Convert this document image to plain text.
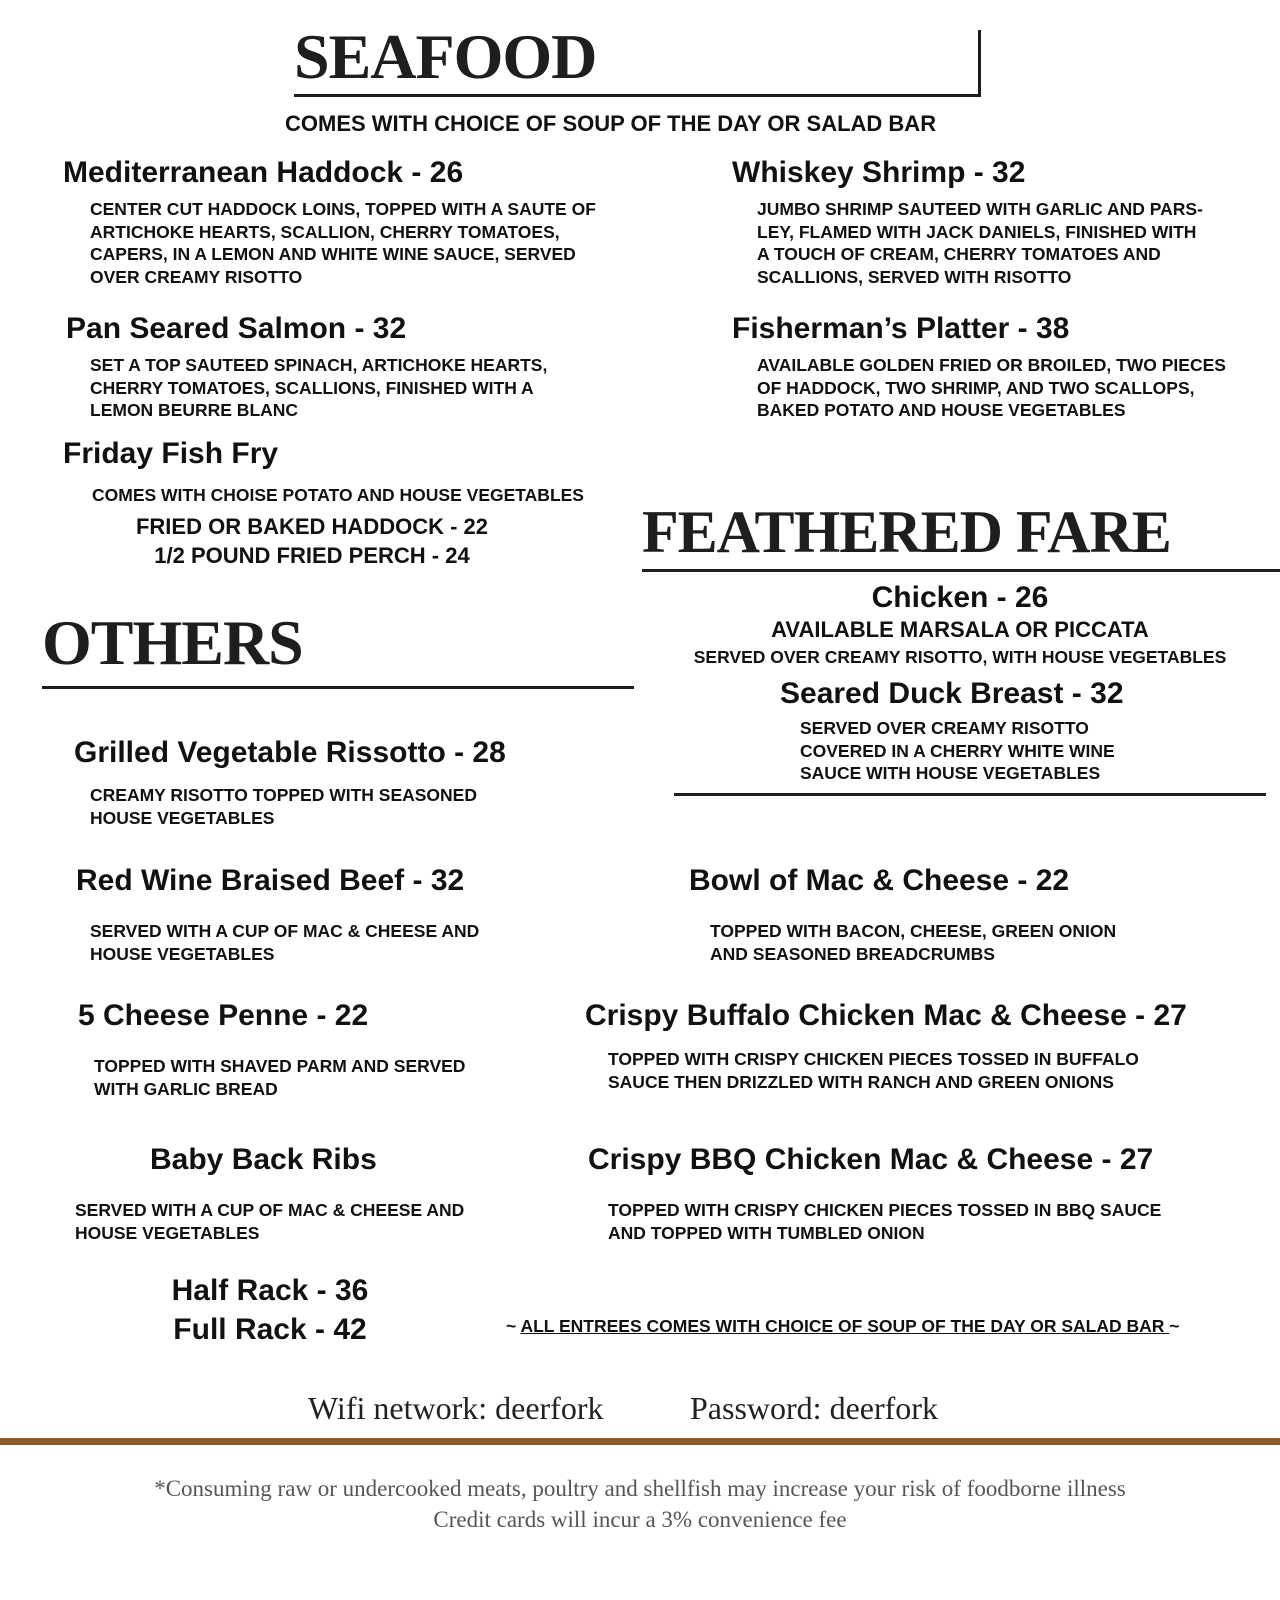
SEAFOOD
COMES WITH CHOICE OF SOUP OF THE DAY OR SALAD BAR
Mediterranean Haddock - 26
CENTER CUT HADDOCK LOINS, TOPPED WITH A SAUTE OF
ARTICHOKE HEARTS, SCALLION, CHERRY TOMATOES,
CAPERS, IN A LEMON AND WHITE WINE SAUCE, SERVED
OVER CREAMY RISOTTO
Whiskey Shrimp - 32
JUMBO SHRIMP SAUTEED WITH GARLIC AND PARS-
LEY, FLAMED WITH JACK DANIELS, FINISHED WITH
A TOUCH OF CREAM, CHERRY TOMATOES AND
SCALLIONS, SERVED WITH RISOTTO
Pan Seared Salmon - 32
SET A TOP SAUTEED SPINACH, ARTICHOKE HEARTS,
CHERRY TOMATOES, SCALLIONS, FINISHED WITH A
LEMON BEURRE BLANC
Fisherman’s Platter - 38
AVAILABLE GOLDEN FRIED OR BROILED, TWO PIECES
OF HADDOCK, TWO SHRIMP, AND TWO SCALLOPS,
BAKED POTATO AND HOUSE VEGETABLES
Friday Fish Fry
COMES WITH CHOISE POTATO AND HOUSE VEGETABLES
FRIED OR BAKED HADDOCK - 22
1/2 POUND FRIED PERCH - 24	FEATHERED FARE
Chicken - 26
AVAILABLE MARSALA OR PICCATA
SERVED OVER CREAMY RISOTTO, WITH HOUSE VEGETABLES
Seared Duck Breast - 32
SERVED OVER CREAMY RISOTTO
COVERED IN A CHERRY WHITE WINE
SAUCE WITH HOUSE VEGETABLES
OTHERS
Grilled Vegetable Rissotto - 28
CREAMY RISOTTO TOPPED WITH SEASONED
HOUSE VEGETABLES
Red Wine Braised Beef - 32
SERVED WITH A CUP OF MAC & CHEESE AND
HOUSE VEGETABLES
Bowl of Mac & Cheese - 22
TOPPED WITH BACON, CHEESE, GREEN ONION
AND SEASONED BREADCRUMBS
5 Cheese Penne - 22
TOPPED WITH SHAVED PARM AND SERVED
WITH GARLIC BREAD
Crispy Buffalo Chicken Mac & Cheese - 27
TOPPED WITH CRISPY CHICKEN PIECES TOSSED IN BUFFALO
SAUCE THEN DRIZZLED WITH RANCH AND GREEN ONIONS
Baby Back Ribs
SERVED WITH A CUP OF MAC & CHEESE AND
HOUSE VEGETABLES
Crispy BBQ Chicken Mac & Cheese - 27
TOPPED WITH CRISPY CHICKEN PIECES TOSSED IN BBQ SAUCE
AND TOPPED WITH TUMBLED ONION
Half Rack - 36
Full Rack - 42	~ ALL ENTREES COMES WITH CHOICE OF SOUP OF THE DAY OR SALAD BAR ~
Wifi network: deerfork	Password: deerfork
*Consuming raw or undercooked meats, poultry and shellfish may increase your risk of foodborne illness
Credit cards will incur a 3% convenience fee
